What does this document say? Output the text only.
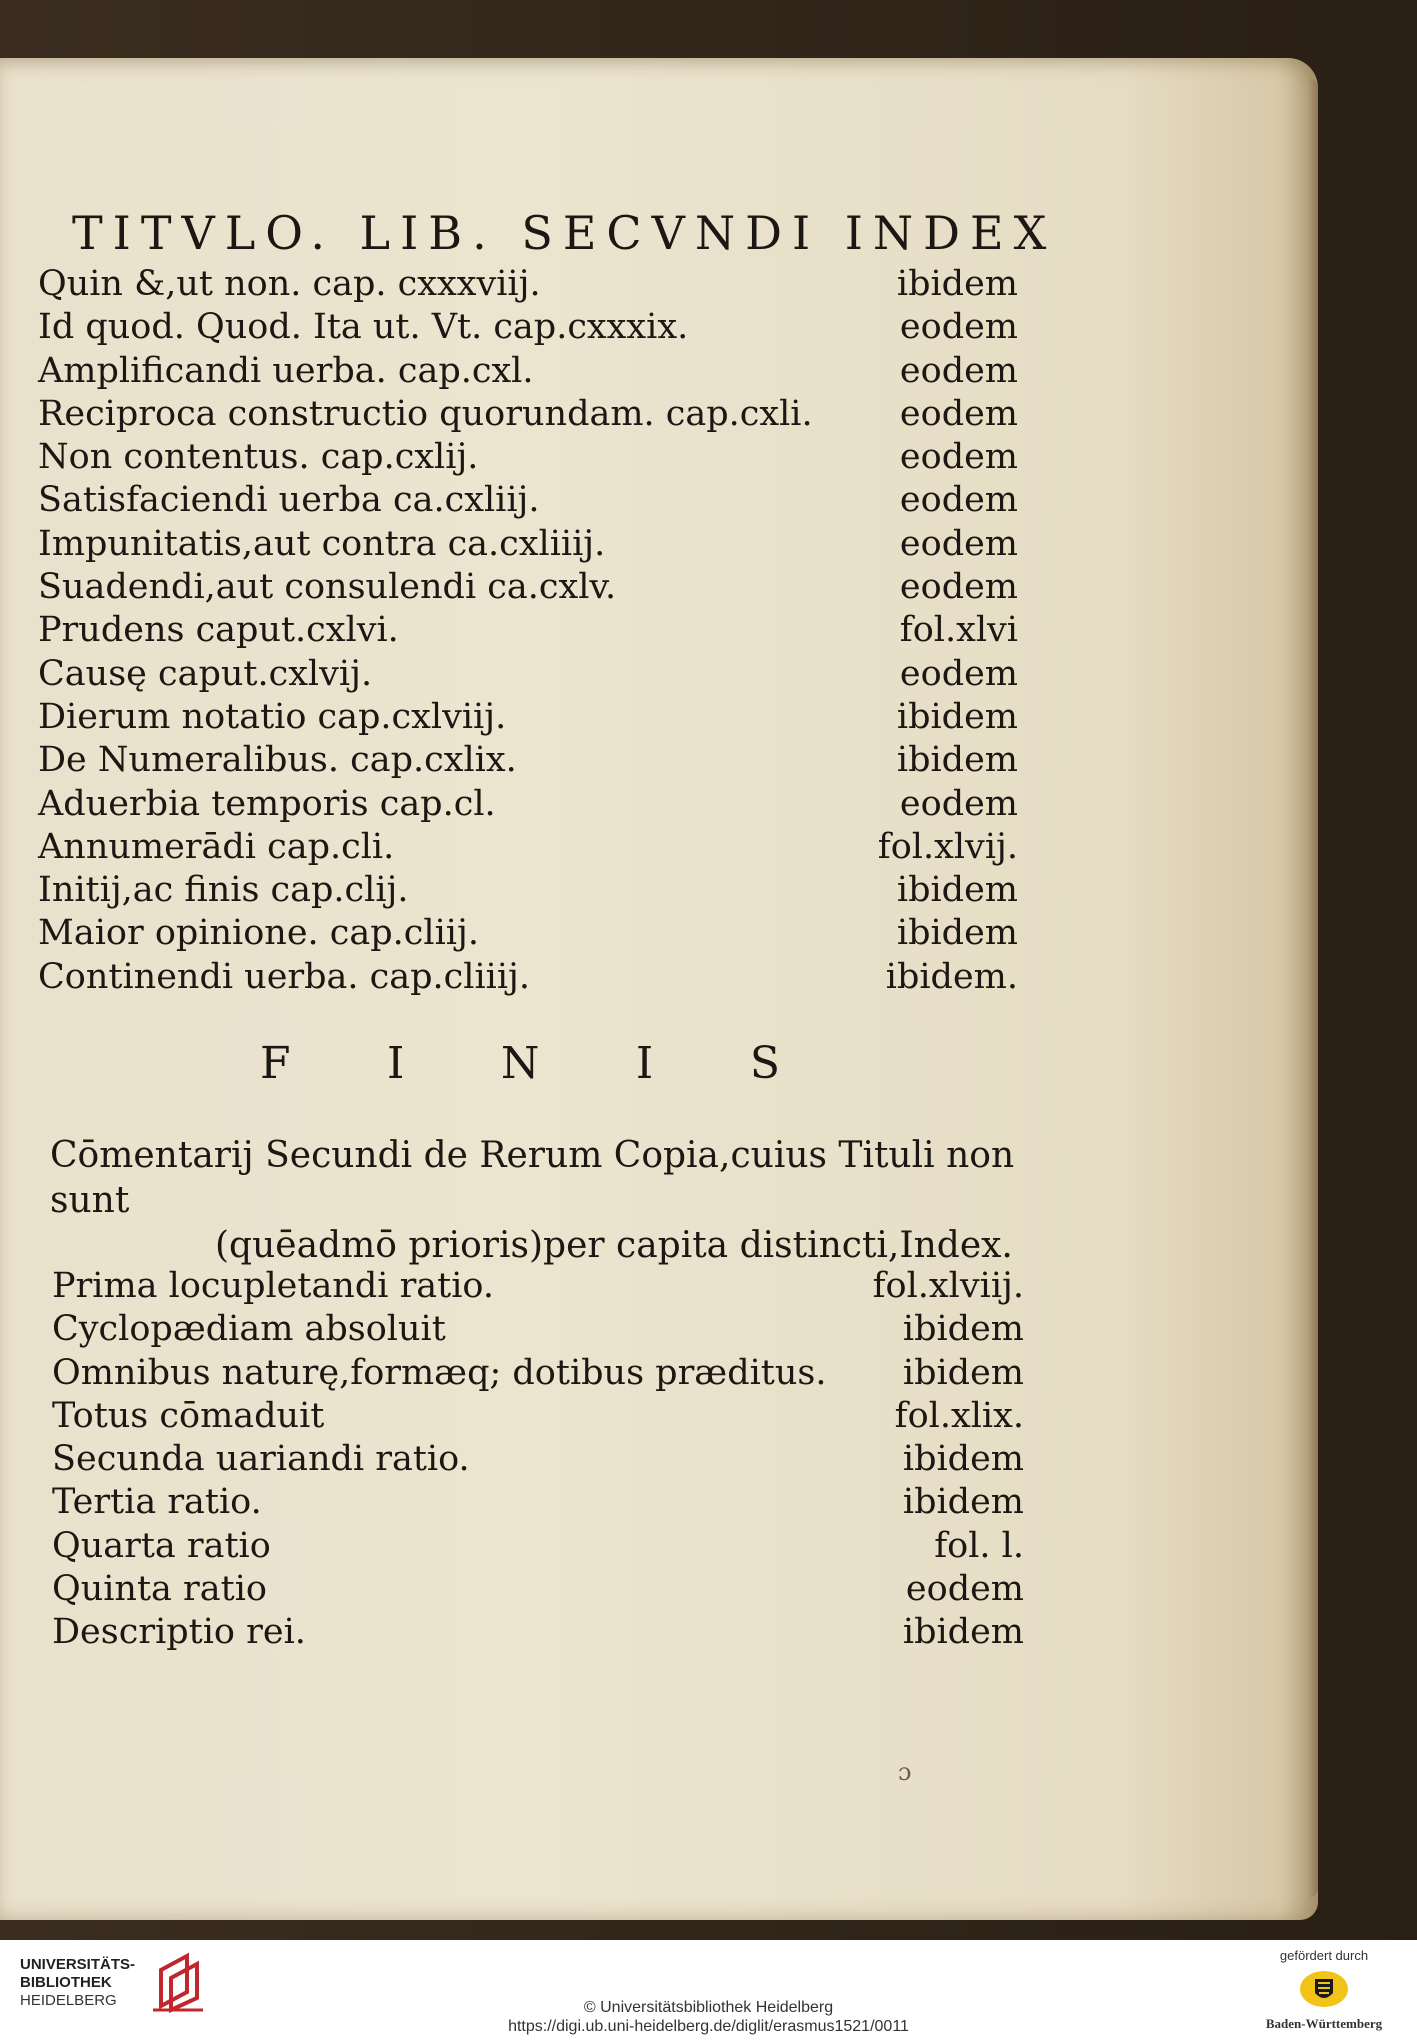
TITVLO. LIB. SECVNDI INDEX
Quin &,ut non. cap. cxxxviij.	ibidem
Id quod. Quod. Ita ut. Vt. cap.cxxxix.	eodem
Amplificandi uerba. cap.cxl.	eodem
Reciproca constructio quorundam. cap.cxli. eodem
Non contentus. cap.cxlij.	eodem
Satisfaciendi uerba ca.cxliij.	eodem
Impunitatis,aut contra ca.cxliiij.	eodem
Suadendi,aut consulendi ca.cxlv.	eodem
Prudens caput.cxlvi.	fol.xlvi
Causę caput.cxlvij.	eodem
Dierum notatio cap.cxlviij.	ibidem
De Numeralibus. cap.cxlix.	ibidem
Aduerbia temporis cap.cl.	eodem
Annumerādi cap.cli.	fol.xlvij.
Initij,ac finis cap.clij.	ibidem
Maior opinione. cap.cliij.	ibidem
Continendi uerba. cap.cliiij.	ibidem.
F I N I S
Cōmentarij Secundi de Rerum Copia,cuius Tituli non sunt
(quēadmō prioris)per capita distincti,Index.
Prima locupletandi ratio.	fol.xlviij.
Cyclopædiam absoluit	ibidem
Omnibus naturę,formæq; dotibus præditus. ibidem
Totus cōmaduit	fol.xlix.
Secunda uariandi ratio.	ibidem
Tertia ratio.	ibidem
Quarta ratio	fol. l.
Quinta ratio	eodem
Descriptio rei.	ibidem
ɔ
UNIVERSITÄTS-
BIBLIOTHEK
HEIDELBERG	© Universitätsbibliothek Heidelberg
https://digi.ub.uni-heidelberg.de/diglit/erasmus1521/0011
gefördert durch
Baden-Württemberg
